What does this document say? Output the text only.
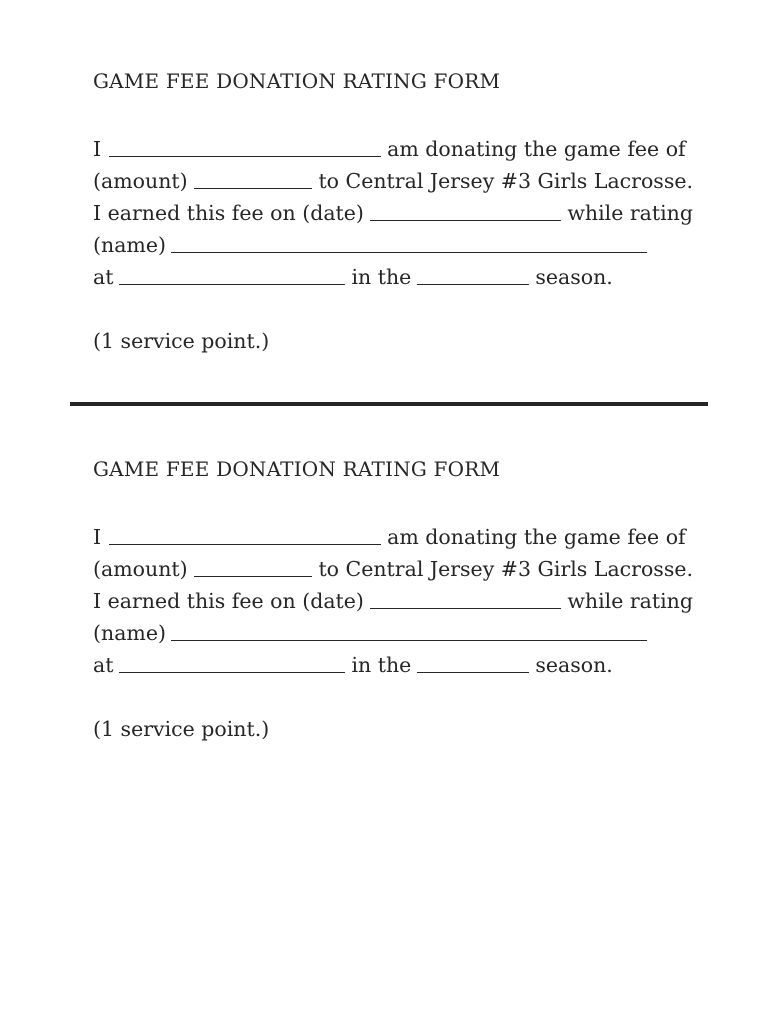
GAME FEE DONATION RATING FORM
I	am donating the game fee of
(amount)	to Central Jersey #3 Girls Lacrosse.
I earned this fee on (date)	while rating
(name)
at	in the	season.
(1 service point.)
GAME FEE DONATION RATING FORM
I	am donating the game fee of
(amount)	to Central Jersey #3 Girls Lacrosse.
I earned this fee on (date)	while rating
(name)
at	in the	season.
(1 service point.)
